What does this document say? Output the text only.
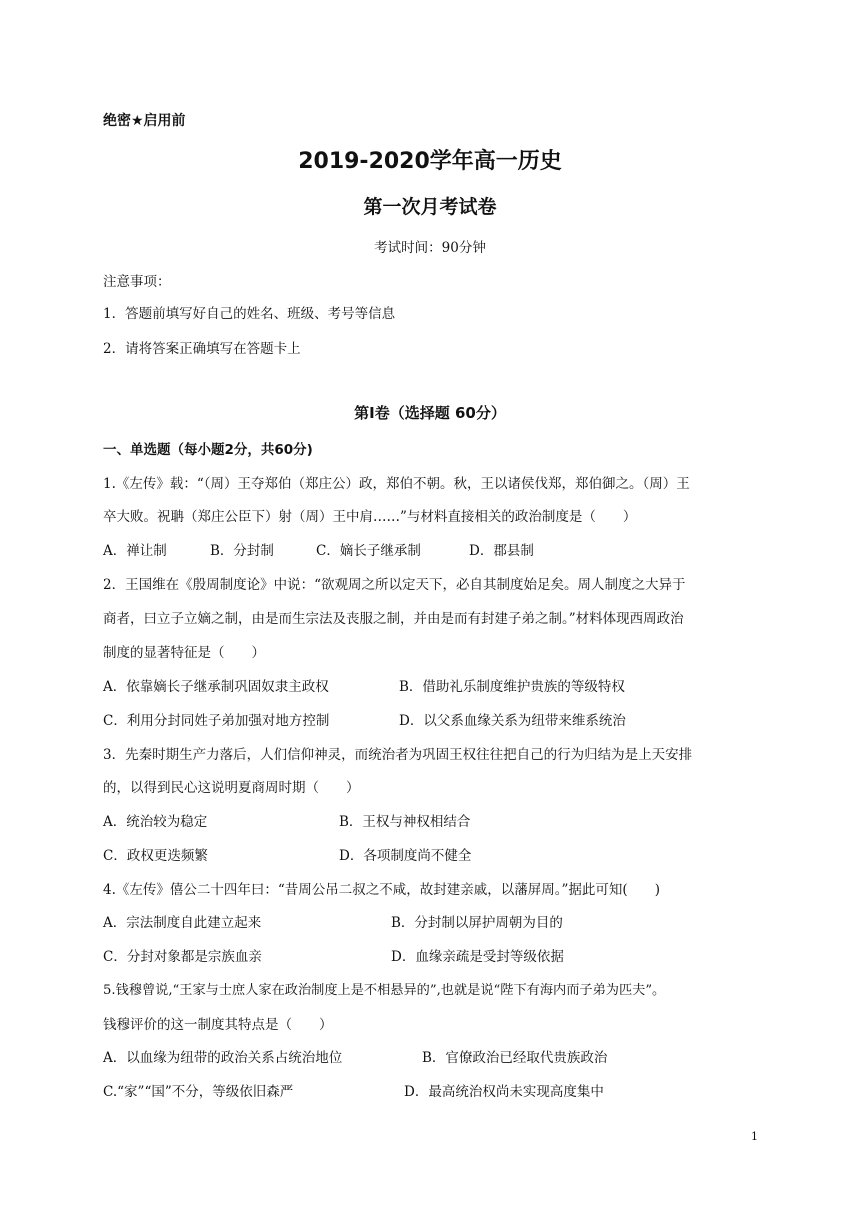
绝密★启用前
2019-2020学年高一历史
第一次月考试卷
考试时间：90分钟
注意事项：
1．答题前填写好自己的姓名、班级、考号等信息
2．请将答案正确填写在答题卡上
第Ⅰ卷（选择题 60分）
一、单选题（每小题2分，共60分)
1.《左传》载：“（周）王夺郑伯（郑庄公）政，郑伯不朝。秋，王以诸侯伐郑，郑伯御之。（周）王
卒大败。祝聃（郑庄公臣下）射（周）王中肩……”与材料直接相关的政治制度是（　　）
A．禅让制	B．分封制	C．嫡长子继承制	D．郡县制
2．王国维在《殷周制度论》中说：“欲观周之所以定天下，必自其制度始足矣。周人制度之大异于
商者，曰立子立嫡之制，由是而生宗法及丧服之制，并由是而有封建子弟之制。”材料体现西周政治
制度的显著特征是（　　）
A．依靠嫡长子继承制巩固奴隶主政权	B．借助礼乐制度维护贵族的等级特权
C．利用分封同姓子弟加强对地方控制	D．以父系血缘关系为纽带来维系统治
3．先秦时期生产力落后，人们信仰神灵，而统治者为巩固王权往往把自己的行为归结为是上天安排
的，以得到民心这说明夏商周时期（　　）
A．统治较为稳定	B．王权与神权相结合
C．政权更迭频繁	D．各项制度尚不健全
4.《左传》僖公二十四年曰：“昔周公吊二叔之不咸，故封建亲戚，以藩屏周。”据此可知(　　)
A．宗法制度自此建立起来	B．分封制以屏护周朝为目的
C．分封对象都是宗族血亲	D．血缘亲疏是受封等级依据
5.钱穆曾说,“王家与士庶人家在政治制度上是不相悬异的”,也就是说“陛下有海内而子弟为匹夫”。
钱穆评价的这一制度其特点是（　　）
A．以血缘为纽带的政治关系占统治地位	B．官僚政治已经取代贵族政治
C.“家”“国”不分，等级依旧森严	D．最高统治权尚未实现高度集中
1
